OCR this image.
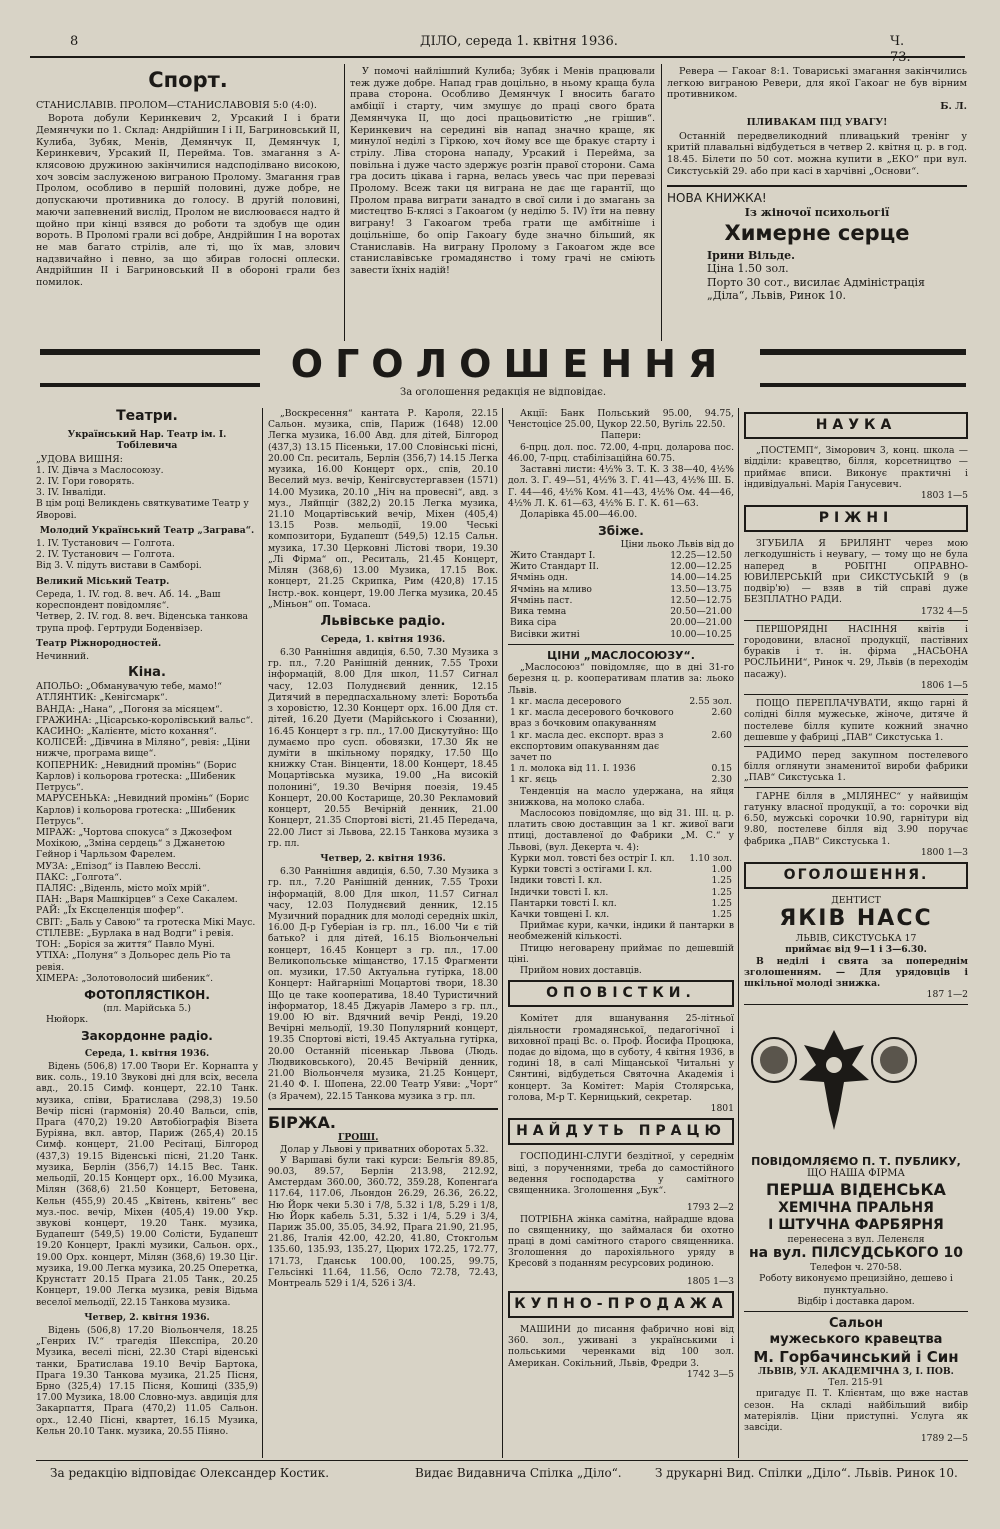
8	ДІЛО, середа 1. квітня 1936.	Ч. 73.
Спорт.
СТАНИСЛАВІВ. ПРОЛОМ—СТАНИСЛАВОВІЯ 5:0 (4:0).

Ворота добули Керинкевич 2, Урсакий І і брати Демянчуки по 1. Склад: Андрійшин І і ІІ, Багриновський II, Кулиба, Зубяк, Менів, Демянчук II, Демянчук І, Керинкевич, Урсакий II, Перейма. Тов. змагання з А-клясовою дружиною закінчилися надсподілвано високою, хоч зовсім заслуженою виграною Пролому. Змагання грав Пролом, особливо в першій половині, дуже добре, не допускаючи противника до голосу. В другій половині, маючи запевнений вислід, Пролом не вислюоваєся надто й щойно при кінці взявся до роботи та здобув ще один вороть. В Проломі грали всі добре, Андрійшин І на воротах не мав багато стрілів, але ті, що їх мав, злович надзвичайно і певно, за що збирав голосні оплески. Андрійшин II і Багриновський II в обороні грали без помилок.

У помочі найлішпий Кулиба; Зубяк і Менів працювали теж дуже добре. Напад грав доцільно, в ньому краща була права сторона. Особливо Демянчук І вносить багато амбіції і старту, чим змушує до праці свого брата Демянчука II, що досі працьовитістю „не грішив“. Керинкевич на середині вів напад значно краще, як минулої неділі з Гіркою, хоч йому все ще бракує старту і стрілу. Ліва сторона нападу, Урсакий і Перейма, за повільна і дуже часто здержує розгін правої сторони. Сама гра досить цікава і гарна, велась увесь час при перевазі Пролому. Всеж таки ця виграна не дає ще гарантії, що Пролом права виграти занадто в свої сили і до змагань за мистецтво Б-клясі з Гакоагом (у неділю 5. IV) їти на певну виграну! З Гакоагом треба грати ще амбітніше і доцільніше, бо опір Гакоагу буде значно більший, як Станиславів. На виграну Пролому з Гакоагом жде все станиславівське громадянство і тому грачі не сміють завести їхніх надій!

Ревера — Гакоаг 8:1. Товариські змагання закінчились легкою виграною Ревери, для якої Гакоаг не був вірним противником.

Б. Л.
ПЛИВАКАМ ПІД УВАГУ!

Останній передвеликодний пливацький тренінг у критій плавальні відбудеться в четвер 2. квітня ц. р. в год. 18.45. Білети по 50 сот. можна купити в „ЕКО“ при вул. Сикстуській 29. або при касі в харчівні „Основи“.

НОВА КНИЖКА!
Із жіночої психольогії
Химерне серце
Ірини Вільде.
Ціна 1.50 зол.
Порто 30 сот., висилає Адміністрація „Діла“, Львів, Ринок 10.
ОГОЛОШЕННЯ
За оголошення редакція не відповідає.
Театри.
Український Нар. Театр ім. І. Тобілевича
„УДОВА ВИШНЯ:
1. IV. Дівча з Маслосоюзу.
2. IV. Гори говорять.
3. IV. Інваліди.
В цім році Великдень святкуватиме Театр у Яворові.
Молодий Український Театр „Заграва“.
1. IV. Тустанович — Голгота.
2. IV. Тустанович — Голгота.
Від 3. V. підуть вистави в Самборі.
Великий Міський Театр.
Середа, 1. IV. год. 8. веч. Аб. 14. „Ваш кореспондент повідомляє“.
Четвер, 2. IV. год. 8. веч. Віденська танкова трупа проф. Гертруди Боденвізер.
Театр Ріжнородностей.
Нечинний.
Кіна.
АПОЛЬО: „Обманувачую тебе, мамо!“
АТЛЯНТИК: „Кенігсмарк“.
ВАНДА: „Нана“, „Погоня за місяцем“.
ГРАЖИНА: „Цісарсько-королівський вальс“.
КАСИНО: „Калієнте, місто кохання“.
КОЛІСЕЙ: „Дівчина в Міляно“, ревія: „Ціни нижче, програма вище“.
КОПЕРНИК: „Невидний промінь“ (Борис Карлов) і кольорова гротеска: „Шибеник Петрусь“.
МАРУСЕНЬКА: „Невидний промінь“ (Борис Карлов) і кольорова гротеска: „Шибеник Петрусь“.
МІРАЖ: „Чортова спокуса“ з Джозефом Мохікою, „Зміна сердець“ з Джанетою Гейнор і Чарльзом Фарелем.
МУЗА: „Епізод“ із Павлею Весслі.
ПАКС: „Голгота“.
ПАЛЯС: „Віденль, місто моїх мрій“.
ПАН: „Варя Машкірцев“ з Сехе Сакалем.
РАЙ: „Їх Ексцеленція шофер“.
СВІТ: „Баль у Савою“ та гротеска Мікі Маус.
СТІЛЕВЕ: „Бурлака в над Водги“ і ревія.
ТОН: „Боріся за життя“ Павло Муні.
УТІХА: „Полуня“ з Дольорес дель Ріо та ревія.
ХІМЕРА: „Золотоволосий шибеник“.
ФОТОПЛЯСТІКОН.
(пл. Марійська 5.)
Нюйорк.
Закордонне радіо.
Середа, 1. квітня 1936.

Відень (506,8) 17.00 Твори Ег. Корнапта у вик. соль., 19.10 Звукові дні для всіх, весела авд., 20.15 Симф. концерт, 22.10 Танк. музика, співи, Братислава (298,3) 19.50 Вечір пісні (гармонія) 20.40 Вальси, спів, Прага (470,2) 19.20 Автобіографія Візета Буріяна, вкл. автор, Париж (265,4) 20.15 Симф. концерт, 21.00 Ресітаці, Білгород (437,3) 19.15 Віденські пісні, 21.20 Танк. музика, Берлін (356,7) 14.15 Вес. Танк. мельодії, 20.15 Концерт орх., 16.00 Музика, Мілян (368,6) 21.50 Концерт, Бетовена, Кельн (455,9) 20.45 „Квітень, квітень“ вес муз.-пос. вечір, Міхен (405,4) 19.00 Укр. звукові концерт, 19.20 Танк. музика, Будапешт (549,5) 19.00 Солісти, Будапешт 19.20 Концерт, Іраклі музики, Сальон. орх., 19.00 Орх. концерт, Мілян (368,6) 19.30 Ціг. музика, 19.00 Легка музика, 20.25 Оперетка, Крунстатт 20.15 Прага 21.05 Танк., 20.25 Концерт, 19.00 Легка музика, ревія Відьма веселої мельодії, 22.15 Танкова музика.

Четвер, 2. квітня 1936.

Відень (506,8) 17.20 Віольончеля, 18.25 „Генрих IV.“ трагедія Шекспіра, 20.20 Музика, веселі пісні, 22.30 Старі віденські танки, Братислава 19.10 Вечір Бартока, Прага 19.30 Танкова музика, 21.25 Пісня, Брно (325,4) 17.15 Пісня, Кошиці (335,9) 17.00 Музика, 18.00 Словно-муз. авдиція для Закарпаття, Прага (470,2) 11.05 Сальон. орх., 12.40 Пісні, квартет, 16.15 Музика, Кельн 20.10 Танк. музика, 20.55 Піяно.

„Воскресення“ кантата Р. Кароля, 22.15 Сальон. музика, спів, Париж (1648) 12.00 Легка музика, 16.00 Авд. для дітей, Білгород (437,3) 13.15 Пісеньки, 17.00 Словінські пісні, 20.00 Сп. реситаль, Берлін (356,7) 14.15 Легка музика, 16.00 Концерт орх., спів, 20.10 Веселий муз. вечір, Кенігсвустергавзен (1571) 14.00 Музика, 20.10 „Ніч на провесні“, авд. з муз., Ляйпціг (382,2) 20.15 Легка музика, 21.10 Моцартівський вечір, Міхен (405,4) 13.15 Розв. мельодії, 19.00 Чеські композитори, Будапешт (549,5) 12.15 Сальн. музика, 17.30 Церковні Лістові твори, 19.30 „Лі Фірма“ оп., Реситаль, 21.45 Концерт, Мілян (368,6) 13.00 Музика, 17.15 Вок. концерт, 21.25 Скрипка, Рим (420,8) 17.15 Інстр.-вок. концерт, 19.00 Легка музика, 20.45 „Міньон“ оп. Томаса.

Львівське радіо.
Середа, 1. квітня 1936.

6.30 Раннішня авдиція, 6.50, 7.30 Музика з гр. пл., 7.20 Ранішній денник, 7.55 Трохи інформацій, 8.00 Для школ, 11.57 Сигнал часу, 12.03 Полуднєвий денник, 12.15 Дитячий в передпасхальному злеті: Боротьба з хоровістю, 12.30 Концерт орх. 16.00 Для ст. дітей, 16.20 Дуети (Марійського і Сюзанни), 16.45 Концерт з гр. пл., 17.00 Дискутуйно: Що думаємо про сусп. обовязки, 17.30 Як не думіти в шкільному порядку, 17.50 Що книжку Стан. Вінценти, 18.00 Концерт, 18.45 Моцартівська музика, 19.00 „На високій полонині“, 19.30 Вечірня поезія, 19.45 Концерт, 20.00 Костарище, 20.30 Рекламовий концерт, 20.55 Вечірній денник, 21.00 Концерт, 21.35 Спортові вісті, 21.45 Передача, 22.00 Лист зі Львова, 22.15 Танкова музика з гр. пл.

Четвер, 2. квітня 1936.

6.30 Раннішня авдиція, 6.50, 7.30 Музика з гр. пл., 7.20 Ранішній денник, 7.55 Трохи інформацій, 8.00 Для школ, 11.57 Сигнал часу, 12.03 Полуднєвий денник, 12.15 Музичний порадник для молоді середніх шкіл, 16.00 Д-р Губеріан із гр. пл., 16.00 Чи є тій батько? і для дітей, 16.15 Віольончельні концерт, 16.45 Концерт з гр. пл., 17.00 Великопольське міщанство, 17.15 Фрагменти оп. музики, 17.50 Актуальна гутірка, 18.00 Концерт: Найгарніші Моцартові твори, 18.30 Що це таке кооператива, 18.40 Туристичний інформатор, 18.45 Джуарів Ламеро з гр. пл., 19.00 Ю віт. Вдячний вечір Ренді, 19.20 Вечірні мельодії, 19.30 Популярний концерт, 19.35 Спортові вісті, 19.45 Актуальна гутірка, 20.00 Останній пісенькар Львова (Людь. Людвиковського), 20.45 Вечірній денник, 21.00 Віольончеля музика, 21.25 Концерт, 21.40 Ф. І. Шопена, 22.00 Театр Уяви: „Чорт“ (з Ярачем), 22.15 Танкова музика з гр. пл.

БІРЖА.
ГРОШІ.

Долар у Львові у приватних оборотах 5.32.

У Варшаві були такі курси: Бельгія 89.85, 90.03, 89.57, Берлін 213.98, 212.92, Амстердам 360.00, 360.72, 359.28, Копенгаґа 117.64, 117.06, Льондон 26.29, 26.36, 26.22, Ню Йорк чеки 5.30 і 7/8, 5.32 і 1/8, 5.29 і 1/8, Ню Йорк кабель 5.31, 5.32 і 1/4, 5.29 і 3/4, Париж 35.00, 35.05, 34.92, Прага 21.90, 21.95, 21.86, Італія 42.00, 42.20, 41.80, Стокгольм 135.60, 135.93, 135.27, Цюрих 172.25, 172.77, 171.73, Гданськ 100.00, 100.25, 99.75, Гельсінкі 11.64, 11.56, Осло 72.78, 72.43, Монтреаль 529 і 1/4, 526 і 3/4.

Акції: Банк Польський 95.00, 94.75, Ченстоцісе 25.00, Цукор 22.50, Вугіль 22.50.

Папери:

6-прц. дол. пос. 72.00, 4-прц. доларова пос. 46.00, 7-прц. стабілізаційна 60.75.

Заставні листи: 4½% З. Т. К. 3 38—40, 4½% дол. З. Г. 49—51, 4½% З. Г. 41—43, 4½% Ш. Б. Г. 44—46, 4½% Ком. 41—43, 4½% Ом. 44—46, 4½% Л. К. 61—63, 4½% Б. Г. К. 61—63.

Доларівка 45.00—46.00.
Збіже.
Ціни льоко Львів від до
Жито Стандарт І.	12.25—12.50
Жито Стандарт II.	12.00—12.25
Ячмінь одн.	14.00—14.25
Ячмінь на мливо	13.50—13.75
Ячмінь паст.	12.50—12.75
Вика темна	20.50—21.00
Вика сіра	20.00—21.00
Висівки житні	10.00—10.25
ЦІНИ „МАСЛОСОЮЗУ“.

„Маслосоюз“ повідомляє, що в дні 31-го березня ц. р. кооперативам платив за: льоко Львів.

1 кг. масла десерового	2.55 зол.
1 кг. масла десерового бочкового враз з бочковим опакуванням	2.60
1 кг. масла дес. експорт. враз з експортовим опакуванням дає зачет по	2.60
1 л. молока від 11. І. 1936	0.15
1 кг. яєць	2.30

Тенденція на масло удержана, на яйця знижкова, на молоко слаба.

Маслосоюз повідомляє, що від 31. ІІІ. ц. р. платить свою доставщин за 1 кг. живої ваги птиці, доставленої до Фабрики „М. С.“ у Львові, (вул. Декерта ч. 4):

Курки мол. товсті без остріг I. кл.	1.10 зол.
Курки товсті з остігами I. кл.	1.00
Індики товсті I. кл.	1.25
Індички товсті I. кл.	1.25
Пантарки товсті I. кл.	1.25
Качки товщені I. кл.	1.25

Приймає кури, качки, індики й пантарки в необмеженій кількості.

Птицю неговарену приймає по дешевшій ціні.

Прийом нових доставців.

ОПОВІСТКИ.

Комітет для вшанування 25-літньої діяльности громадянської, педагогічної і виховної праці Вс. о. Проф. Йосифа Процюка, подає до відома, що в суботу, 4 квітня 1936, в годині 18, в салі Міщанської Читальні у Сянтині, відбудеться Святочна Академія і концерт. За Комітет: Марія Столярська, голова, М-р Т. Керницький, секретар.

1801
НАЙДУТЬ ПРАЦЮ

ГОСПОДИНІ-СЛУГИ бездітної, у середнім віці, з порученнями, треба до самостійного ведення господарства у самітного священника. Зголошення „Бук“.

1793 2—2

ПОТРІБНА жінка самітна, найрадше вдова по священнику, що займалася би охотно праці в домі самітного старого священника. Зголошення до парохіяльного уряду в Кресовй з поданням ресурсових родиною.

1805 1—3
КУПНО-ПРОДАЖА

МАШИНИ до писання фабрично нові від 360. зол., уживані з українськими і польськими черенками від 100 зол. Американ. Сокільний, Львів, Фредри 3.

1742 3—5
НАУКА

„ПОСТЕМП“, Зіморович 3, конц. школа — відділи: кравецтво, білля, корсетництво — приймає вписи. Виконує практичні і індивідуальні. Марія Ганусевич.

1803 1—5
РІЖНІ

ЗГУБИЛА Я БРИЛЯНТ через мою легкодушність і неувагу, — тому що не була наперед в РОБІТНІ ОПРАВНО-ЮВИЛЕРСЬКІЙ при СИКСТУСЬКІЙ 9 (в подвір'ю) — взяв в тій справі дуже БЕЗПЛАТНО РАДИ.

1732 4—5

ПЕРШОРЯДНІ НАСІННЯ квітів і городовини, власної продукції, пастівних бураків і т. ін. фірма „НАСЬОНА РОСЛЬИНИ“, Ринок ч. 29, Львів (в переходім пасажу).

1806 1—5

ПОЩО ПЕРЕПЛАЧУВАТИ, якщо гарні й солідні білля мужеське, жіноче, дитяче й постелеве білля купите кожний значно дешевше у фабриці „ПАВ“ Сикстуська 1.

РАДИМО перед закупном постелевого білля оглянути знаменитої вироби фабрики „ПАВ“ Сикстуська 1.

ГАРНЕ білля в „МІЛЯНЕС“ у найвищім гатунку власної продукції, а то: сорочки від 6.50, мужські сорочки 10.90, гарнітури від 9.80, постелеве білля від 3.90 поручає фабрика „ПАВ“ Сикстуська 1.

1800 1—3
ОГОЛОШЕННЯ.
ДЕНТИСТ
ЯКІВ НАСС
ЛЬВІВ, СИКСТУСЬКА 17
приймає від 9—1 і 3—6.30.

В неділі і свята за попереднім зголошенням. — Для урядовців і шкільної молоді знижка.

187 1—2
ПОВІДОМЛЯЄМО П. Т. ПУБЛИКУ,
ЩО НАША ФІРМА
ПЕРША ВІДЕНСЬКА
ХЕМІЧНА ПРАЛЬНЯ
І ШТУЧНА ФАРБЯРНЯ
перенесена з вул. Леленєля
на вул. ПІЛСУДСЬКОГО 10
Телефон ч. 270-58.
Роботу виконуємо прецизійно, дешево і пунктуально.
Відбір і доставка даром.
Сальон
мужеського кравецтва
М. Горбачинський і Син
ЛЬВІВ, УЛ. АКАДЕМІЧНА 3, І. ПОВ.
Тел. 215-91

пригадує П. Т. Клієнтам, що вже настав сезон. На складі найбільший вибір матеріялів. Ціни приступні. Услуга як завсіди.

1789 2—5
За редакцію відповідає Олександер Костик.	Видає Видавнича Спілка „Діло“.	З друкарні Вид. Спілки „Діло“. Львів. Ринок 10.
